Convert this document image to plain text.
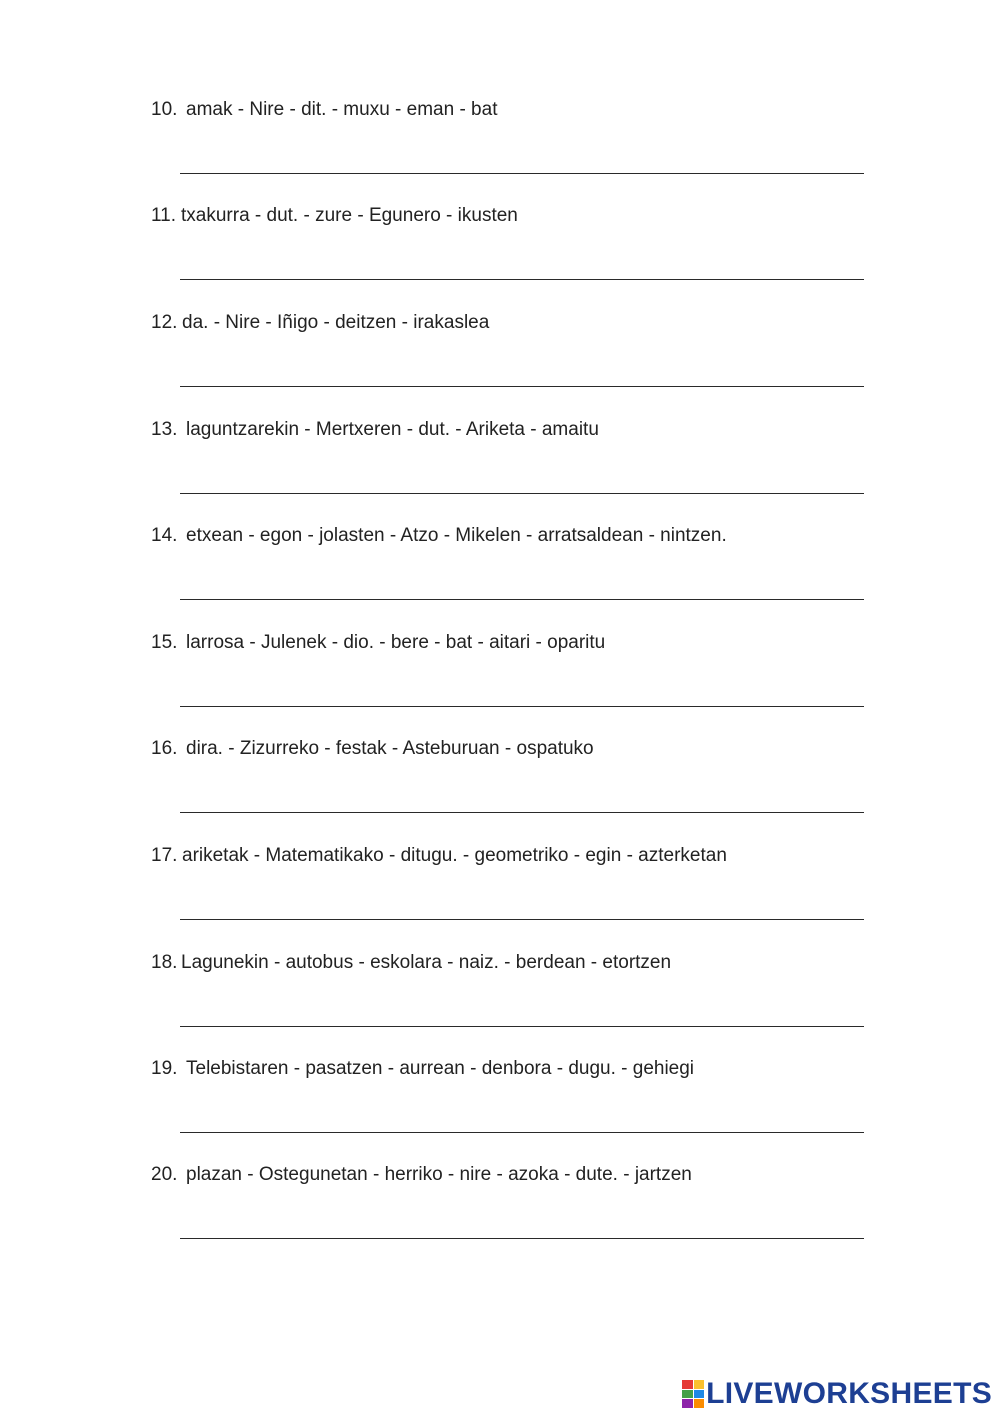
10. amak - Nire - dit. - muxu - eman - bat
11. txakurra - dut. - zure - Egunero - ikusten
12. da. - Nire - Iñigo - deitzen - irakaslea
13. laguntzarekin - Mertxeren - dut. - Ariketa - amaitu
14. etxean - egon - jolasten - Atzo - Mikelen - arratsaldean - nintzen.
15. larrosa - Julenek - dio. - bere - bat - aitari - oparitu
16. dira. - Zizurreko - festak - Asteburuan - ospatuko
17. ariketak - Matematikako - ditugu. - geometriko - egin - azterketan
18. Lagunekin - autobus - eskolara - naiz. - berdean - etortzen
19. Telebistaren - pasatzen - aurrean - denbora - dugu. - gehiegi
20. plazan - Ostegunetan - herriko - nire - azoka - dute. - jartzen
LIVEWORKSHEETS
